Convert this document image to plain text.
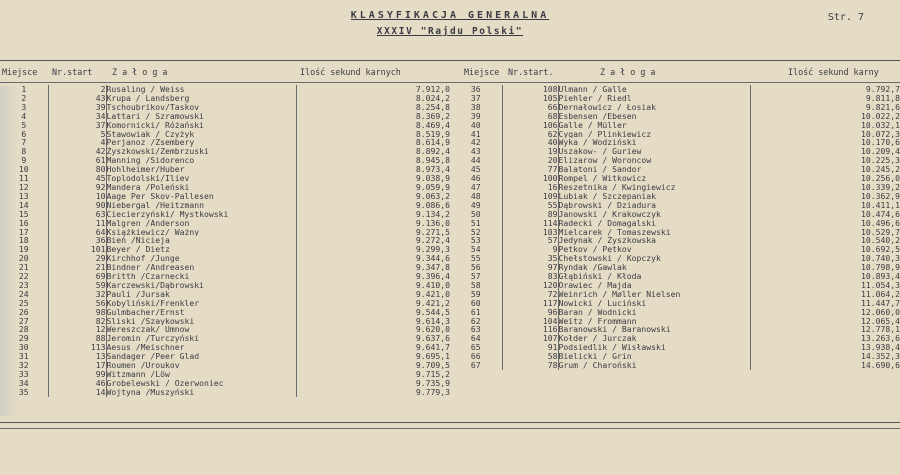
KLASYFIKACJA GENERALNA
XXXIV "Rajdu Polski"
Str. 7
Miejsce Nr.start Z a ł o g a	Ilość sekund karnych	Miejsce Nr.start.	Z a ł o g a	Ilość sekund karny
1	2	Rusaling / Weiss	7.912,0
2	43	Krupa / Landsberg	8.024,2
3	39	Tschoubrikov/Taskov	8.254,8
4	34	Lattari / Szramowski	8.369,2
5	37	Komornicki/ Różański	8.469,4
6	5	Stawowiak / Czyżyk	8.519,9
7	4	Perjanoz /Zsembery	8.614,9
8	42	Żyszkowski/Zembrzuski	8.892,4
9	61	Manning /Sidorenco	8.945,8
10	80	Hohlheimer/Huber	8.973,4
11	45	Toplodolski/Iliev	9.038,9
12	92	Mandera /Poleński	9.059,9
13	10	Aage Per Skov-Pallesen	9.063,2
14	90	Niebergal /Heitzmann	9.086,6
15	63	Ciecierzyński/ Mystkowski	9.134,2
16	11	Malgren /Anderson	9.136,0
17	64	Książkiewicz/ Ważny	9.271,5
18	36	Bień /Niciejа	9.272,4
19	101	Beyer / Dietz	9.299,3
20	29	Kirchhof /Junge	9.344,6
21	21	Bindner /Andreasen	9.347,8
22	69	Britth /Czarnecki	9.396,4
23	59	Karczewski/Dąbrowski	9.410,0
24	32	Pauli /Jursak	9.421,0
25	56	Kobyliński/Frenkler	9.421,2
26	98	Gulmbacher/Ernst	9.544,5
27	82	Sliski /Szaykowski	9.614,3
28	12	Wereszczak/ Umnow	9.620,0
29	88	Jeromin /Turczyński	9.637,6
30	113	Aesus /Meischner	9.641,7
31	13	Sandager /Peer Glad	9.695,1
32	17	Roumen /Uroukov	9.709,5
33	99	Witzmann /Löw	9.715,2
34	46	Grobelewski / Ozerwoniec	9.735,9
35	14	Wojtyna /Muszyński	9.779,3
36	108	Ulmann / Galle	9.792,7
37	105	Piehler / Riedl	9.811,8
38	66	Dernałowicz / Łosiak	9.821,6
39	68	Esbensen /Ebesen	10.022,2
40	106	Galle / Müller	10.032,1
41	62	Cygan / Plinkiewicz	10.072,3
42	40	Wyka / Wodziński	10.170,6
43	19	Uszakow- / Guriew	10.209,4
44	20	Elizarow / Woroncow	10.225,3
45	77	Balatoni / Sandor	10.245,2
46	100	Rompel / Witkowicz	10.256,0
47	16	Reszetnika / Kwingiewicz	10.339,2
48	109	Lubiak / Szczepaniak	10.362,9
49	55	Dąbrowski / Dziadura	10.411,1
50	89	Janowski / Krakowczyk	10.474,6
51	114	Radecki / Domagalski	10.496,6
52	103	Mielcarek / Tomaszewski	10.529,7
53	57	Jedynak / Żyszkowska	10.540,2
54	9	Petkov / Petkov	10.692,5
55	35	Chełstowski / Kopczyk	10.740,3
56	97	Ryndak /Gawlak	10.798,9
57	83	Głąbiński / Kłoda	10.893,4
58	120	Orawiec / Majda	11.054,3
59	72	Weinrich / Møller Nielsen	11.064,2
60	117	Nowicki / Luciński	11.447,7
61	96	Baran / Wodnicki	12.060,0
62	104	Weitz / Frommann	12.065,4
63	116	Baranowski / Baranowski	12.778,1
64	107	Kołder / Jurczak	13.263,6
65	91	Podsiedlik / Wisławski	13.938,4
66	58	Bielicki / Grin	14.352,3
67	78	Grum / Charoński	14.690,6
